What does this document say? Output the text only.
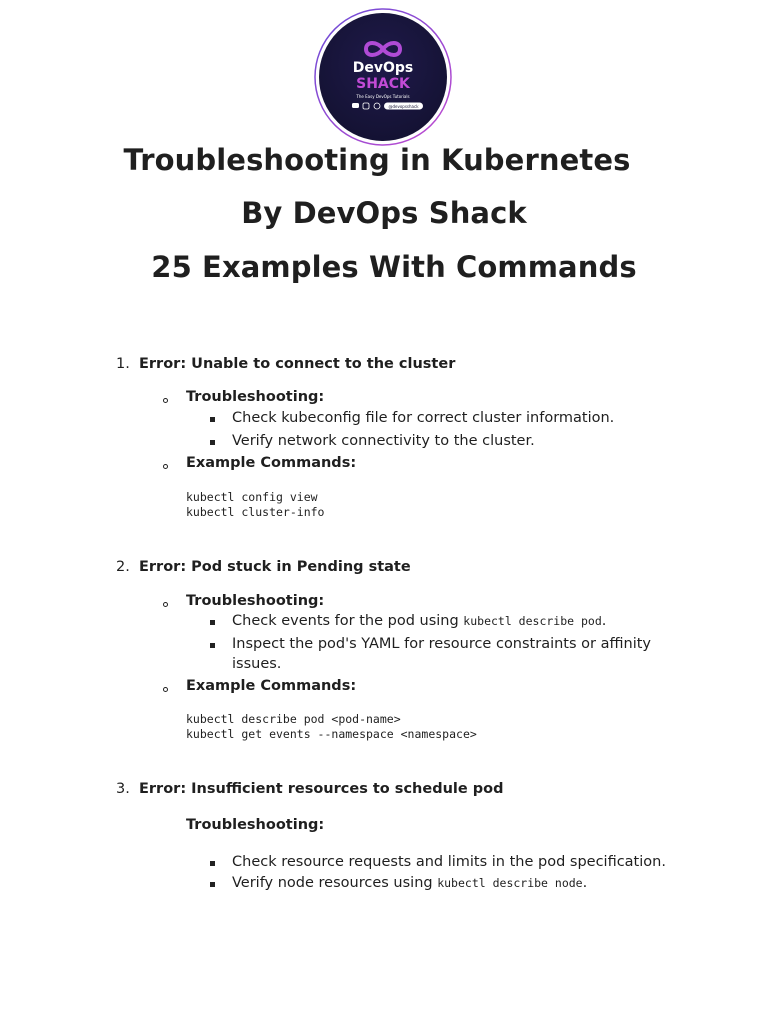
DevOps
SHACK
The Easy DevOps Tutorials
@devopsshack
Troubleshooting in Kubernetes
By DevOps Shack
25 Examples With Commands
1. Error: Unable to connect to the cluster
Troubleshooting:
Check kubeconfig file for correct cluster information.
Verify network connectivity to the cluster.
Example Commands:
kubectl config view
kubectl cluster-info
2. Error: Pod stuck in Pending state
Troubleshooting:
Check events for the pod using kubectl describe pod.
Inspect the pod's YAML for resource constraints or affinity
issues.
Example Commands:
kubectl describe pod <pod-name>
kubectl get events --namespace <namespace>
3. Error: Insufficient resources to schedule pod
Troubleshooting:
Check resource requests and limits in the pod specification.
Verify node resources using kubectl describe node.
